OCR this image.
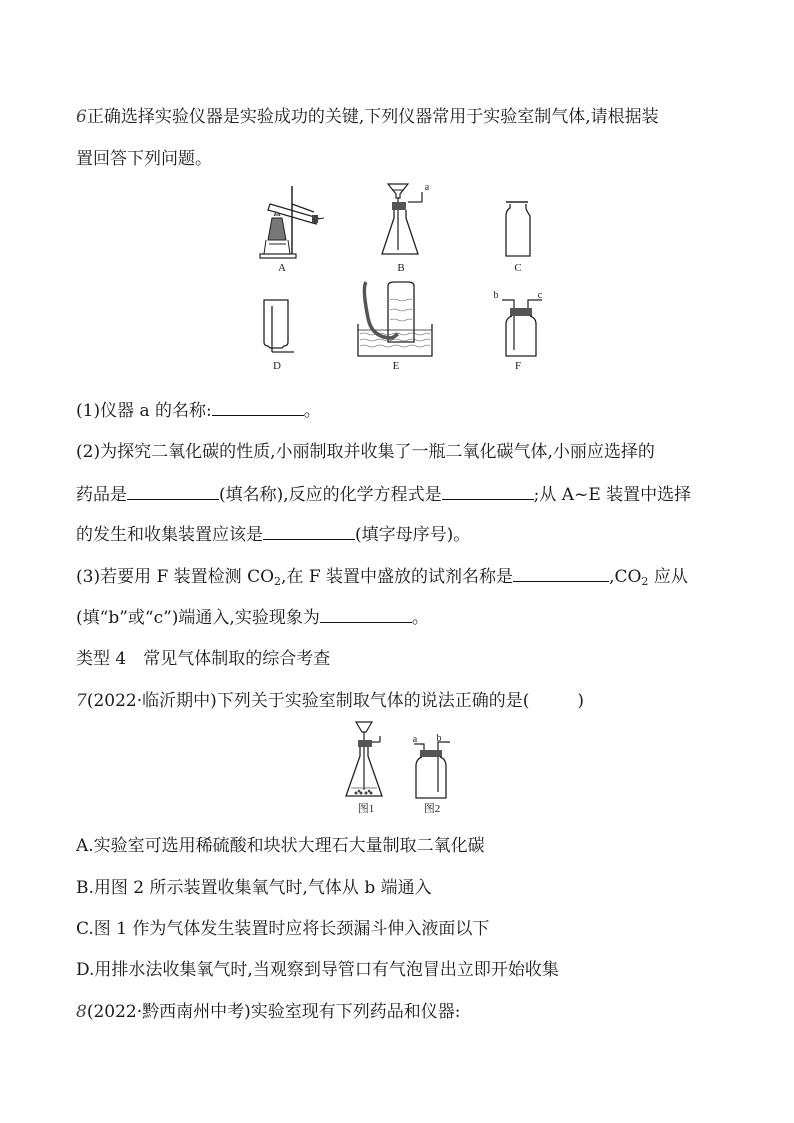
6正确选择实验仪器是实验成功的关键,下列仪器常用于实验室制气体,请根据装
置回答下列问题。
A
a
B	C
D	E
b	c
F
(1)仪器 a 的名称:	。
(2)为探究二氧化碳的性质,小丽制取并收集了一瓶二氧化碳气体,小丽应选择的
药品是	(填名称),反应的化学方程式是	;从 A~E 装置中选择
的发生和收集装置应该是	(填字母序号)。
(3)若要用 F 装置检测 $CO_2$,在 F 装置中盛放的试剂名称是	$,CO_2$ 应从
(填“b”或“c”)端通入,实验现象为	。
类型 4　常见气体制取的综合考查
7(2022·临沂期中)下列关于实验室制取气体的说法正确的是(	)
图1
a b
图2
A.实验室可选用稀硫酸和块状大理石大量制取二氧化碳
B.用图 2 所示装置收集氧气时,气体从 b 端通入
C.图 1 作为气体发生装置时应将长颈漏斗伸入液面以下
D.用排水法收集氧气时,当观察到导管口有气泡冒出立即开始收集
8(2022·黔西南州中考)实验室现有下列药品和仪器:
